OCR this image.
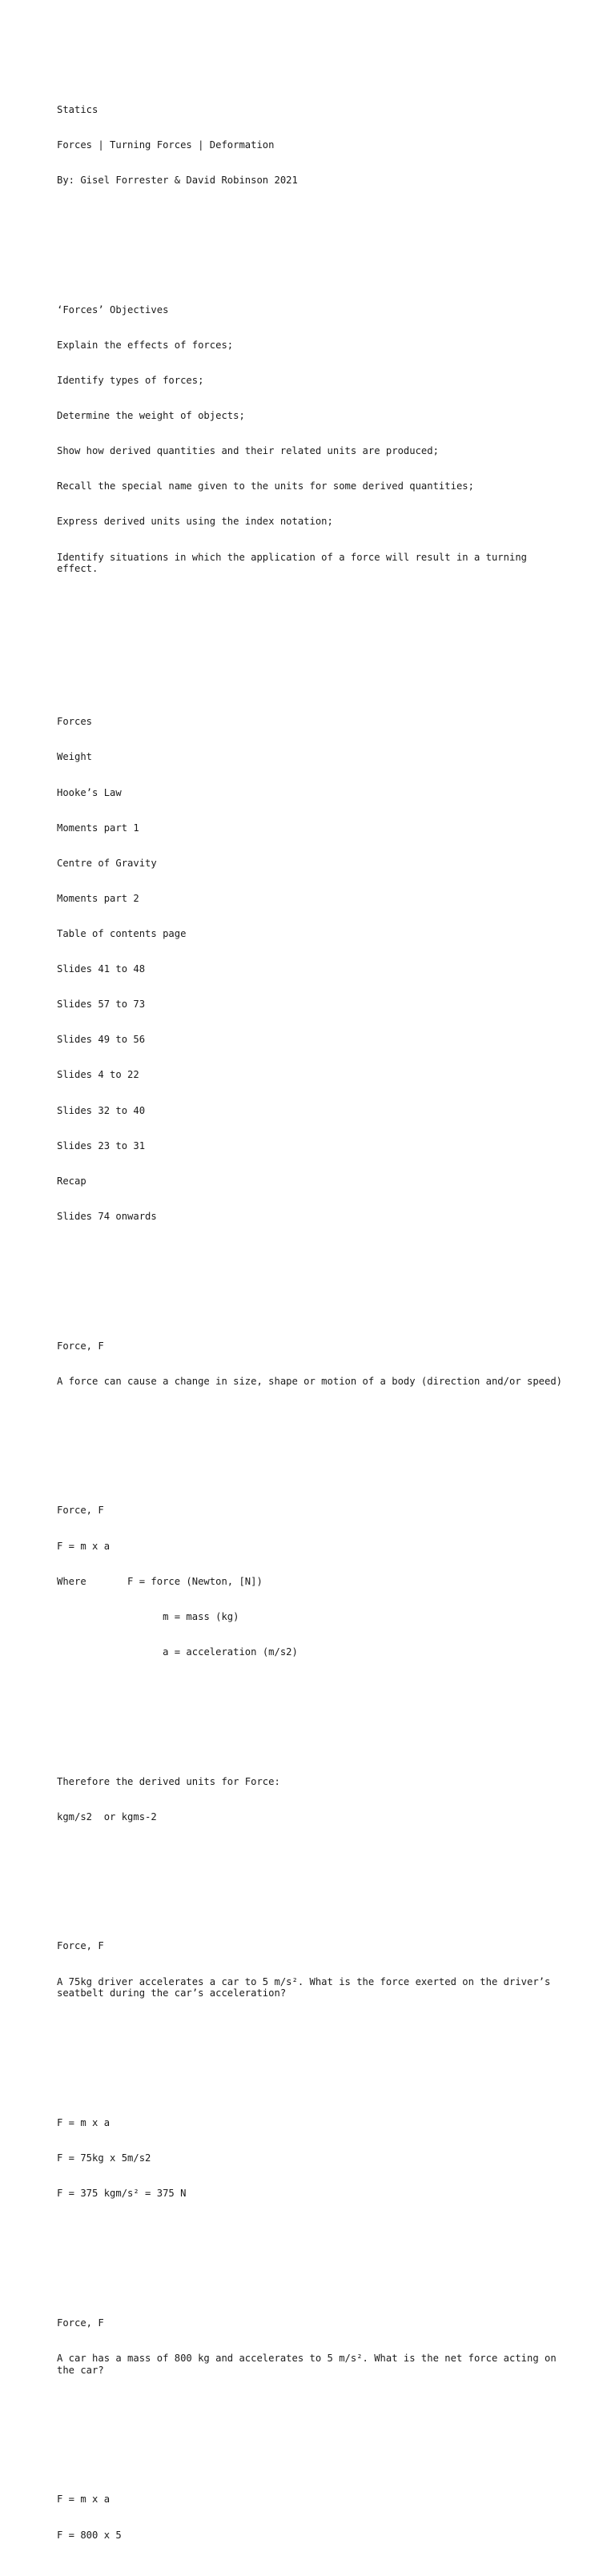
Statics

Forces | Turning Forces | Deformation

By: Gisel Forrester & David Robinson 2021

‘Forces’ Objectives

Explain the effects of forces;

Identify types of forces;

Determine the weight of objects;

Show how derived quantities and their related units are produced;

Recall the special name given to the units for some derived quantities;

Express derived units using the index notation;

Identify situations in which the application of a force will result in a turning effect.

Forces

Weight

Hooke’s Law

Moments part 1

Centre of Gravity

Moments part 2

Table of contents page

Slides 41 to 48

Slides 57 to 73

Slides 49 to 56

Slides 4 to 22

Slides 32 to 40

Slides 23 to 31

Recap

Slides 74 onwards

Force, F

A force can cause a change in size, shape or motion of a body (direction and/or speed)

Force, F

F = m x a

Where       F = force (Newton, [N])

m = mass (kg)

a = acceleration (m/s2)

Therefore the derived units for Force:

kgm/s2  or kgms-2

Force, F

A 75kg driver accelerates a car to 5 m/s². What is the force exerted on the driver’s seatbelt during the car’s acceleration?

F = m x a

F = 75kg x 5m/s2

F = 375 kgm/s² = 375 N

Force, F

A car has a mass of 800 kg and accelerates to 5 m/s². What is the net force acting on the car?

F = m x a

F = 800 x 5
